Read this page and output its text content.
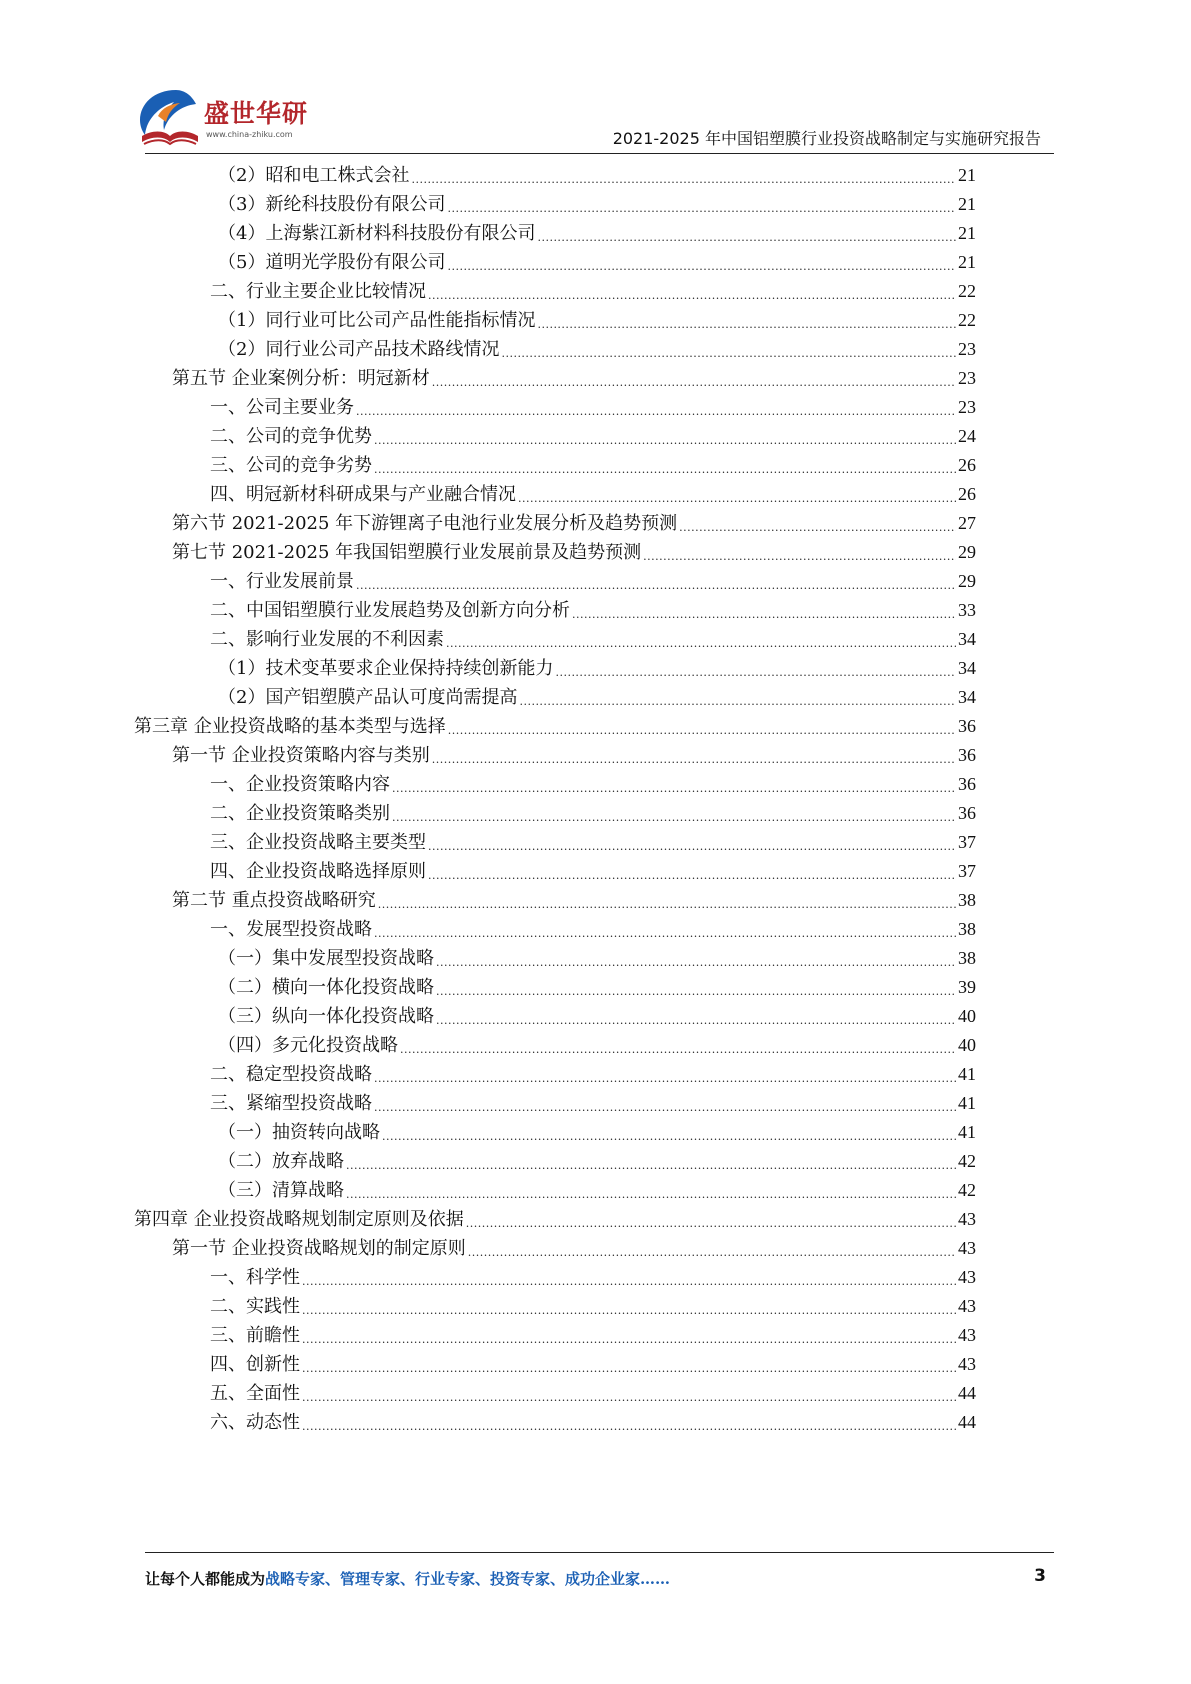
盛世华研
www.china-zhiku.com	2021-2025 年中国铝塑膜行业投资战略制定与实施研究报告
（2）昭和电工株式会社 .....	21
（3）新纶科技股份有限公司 .....	21
（4）上海紫江新材料科技股份有限公司 .....	21
（5）道明光学股份有限公司 .....	21
二、行业主要企业比较情况 .....	22
（1）同行业可比公司产品性能指标情况 .....	22
（2）同行业公司产品技术路线情况 .....	23
第五节 企业案例分析：明冠新材 .....	23
一、公司主要业务 .....	23
二、公司的竞争优势 .....	24
三、公司的竞争劣势 .....	26
四、明冠新材科研成果与产业融合情况 .....	26
第六节 2021-2025 年下游锂离子电池行业发展分析及趋势预测 .....	27
第七节 2021-2025 年我国铝塑膜行业发展前景及趋势预测 .....	29
一、行业发展前景 .....	29
二、中国铝塑膜行业发展趋势及创新方向分析 .....	33
二、影响行业发展的不利因素 .....	34
（1）技术变革要求企业保持持续创新能力 .....	34
（2）国产铝塑膜产品认可度尚需提高 .....	34
第三章 企业投资战略的基本类型与选择 .....	36
第一节 企业投资策略内容与类别 .....	36
一、企业投资策略内容 .....	36
二、企业投资策略类别 .....	36
三、企业投资战略主要类型 .....	37
四、企业投资战略选择原则 .....	37
第二节 重点投资战略研究 .....	38
一、发展型投资战略 .....	38
（一）集中发展型投资战略 .....	38
（二）横向一体化投资战略 .....	39
（三）纵向一体化投资战略 .....	40
（四）多元化投资战略 .....	40
二、稳定型投资战略 .....	41
三、紧缩型投资战略 .....	41
（一）抽资转向战略 .....	41
（二）放弃战略 .....	42
（三）清算战略 .....	42
第四章 企业投资战略规划制定原则及依据 .....	43
第一节 企业投资战略规划的制定原则 .....	43
一、科学性 .....	43
二、实践性 .....	43
三、前瞻性 .....	43
四、创新性 .....	43
五、全面性 .....	44
六、动态性 .....	44
让每个人都能成为战略专家、管理专家、行业专家、投资专家、成功企业家……	3
